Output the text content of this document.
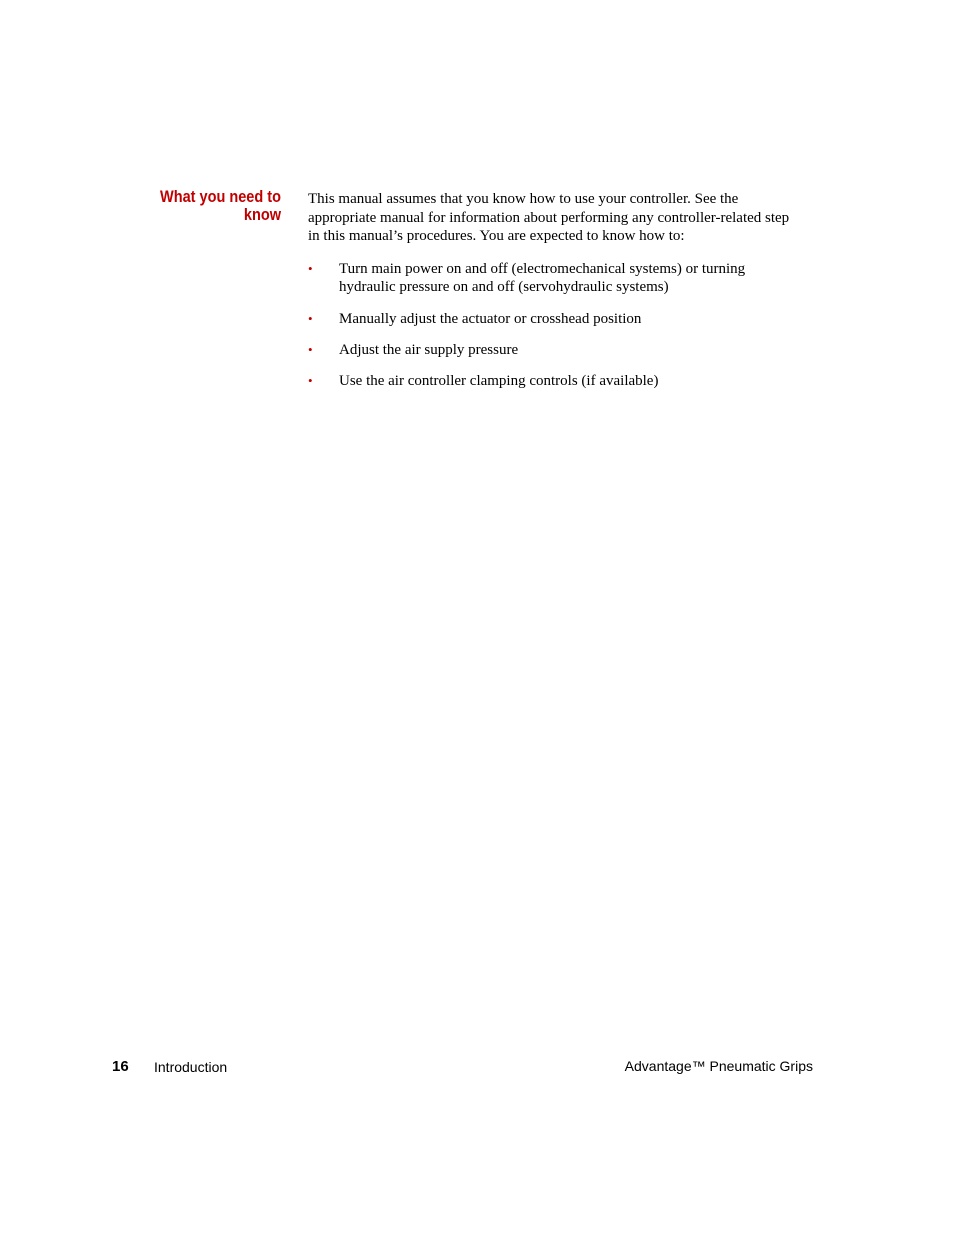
What you need to
know

This manual assumes that you know how to use your controller. See the
appropriate manual for information about performing any controller-related step
in this manual’s procedures. You are expected to know how to:

• Turn main power on and off (electromechanical systems) or turning
hydraulic pressure on and off (servohydraulic systems)
• Manually adjust the actuator or crosshead position
• Adjust the air supply pressure
• Use the air controller clamping controls (if available)
16 Introduction	Advantage™ Pneumatic Grips
